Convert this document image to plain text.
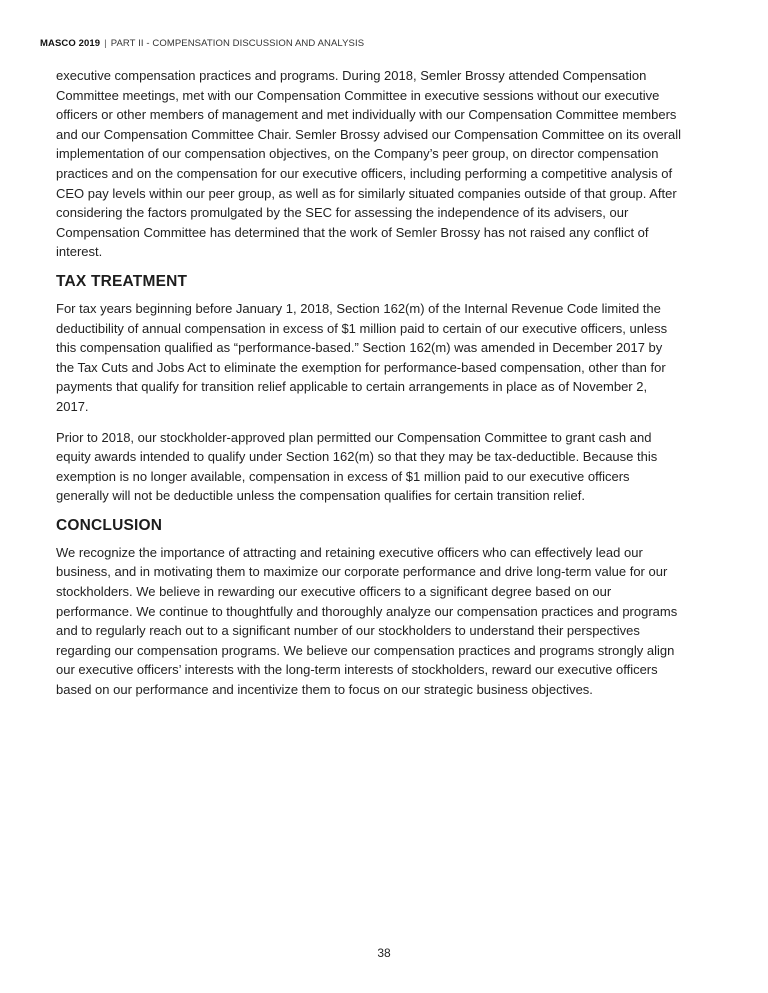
MASCO 2019 | PART II - COMPENSATION DISCUSSION AND ANALYSIS
executive compensation practices and programs. During 2018, Semler Brossy attended Compensation
Committee meetings, met with our Compensation Committee in executive sessions without our executive
officers or other members of management and met individually with our Compensation Committee members
and our Compensation Committee Chair. Semler Brossy advised our Compensation Committee on its overall
implementation of our compensation objectives, on the Company’s peer group, on director compensation
practices and on the compensation for our executive officers, including performing a competitive analysis of
CEO pay levels within our peer group, as well as for similarly situated companies outside of that group. After
considering the factors promulgated by the SEC for assessing the independence of its advisers, our
Compensation Committee has determined that the work of Semler Brossy has not raised any conflict of
interest.
TAX TREATMENT
For tax years beginning before January 1, 2018, Section 162(m) of the Internal Revenue Code limited the
deductibility of annual compensation in excess of $1 million paid to certain of our executive officers, unless
this compensation qualified as “performance-based.” Section 162(m) was amended in December 2017 by
the Tax Cuts and Jobs Act to eliminate the exemption for performance-based compensation, other than for
payments that qualify for transition relief applicable to certain arrangements in place as of November 2,
2017.
Prior to 2018, our stockholder-approved plan permitted our Compensation Committee to grant cash and
equity awards intended to qualify under Section 162(m) so that they may be tax-deductible. Because this
exemption is no longer available, compensation in excess of $1 million paid to our executive officers
generally will not be deductible unless the compensation qualifies for certain transition relief.
CONCLUSION
We recognize the importance of attracting and retaining executive officers who can effectively lead our
business, and in motivating them to maximize our corporate performance and drive long-term value for our
stockholders. We believe in rewarding our executive officers to a significant degree based on our
performance. We continue to thoughtfully and thoroughly analyze our compensation practices and programs
and to regularly reach out to a significant number of our stockholders to understand their perspectives
regarding our compensation programs. We believe our compensation practices and programs strongly align
our executive officers’ interests with the long-term interests of stockholders, reward our executive officers
based on our performance and incentivize them to focus on our strategic business objectives.
38
